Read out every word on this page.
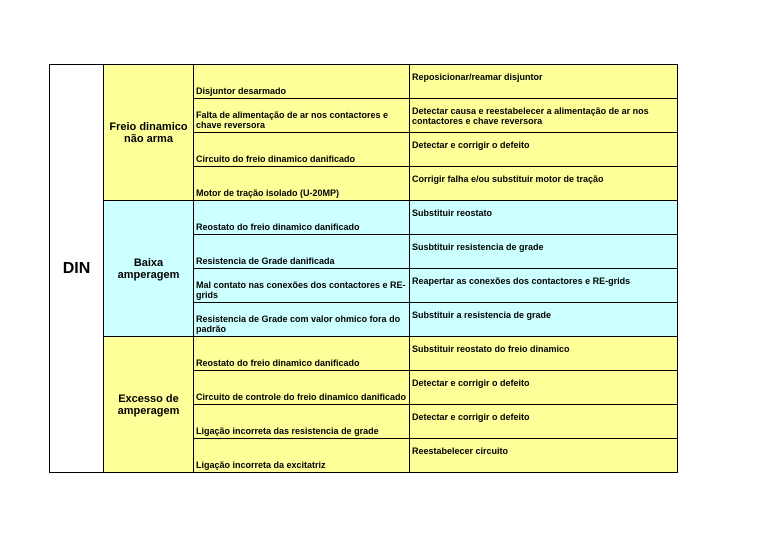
DIN	Freio dinamico não arma	Disjuntor desarmado	Reposicionar/reamar disjuntor
		Falta de alimentação de ar nos contactores e chave reversora	Detectar causa e reestabelecer a alimentação de ar nos contactores e chave reversora
		Circuito do freio dinamico danificado	Detectar e corrigir o defeito
		Motor de tração isolado (U-20MP)	Corrigir falha e/ou substituir motor de tração
	Baixa amperagem	Reostato do freio dinamico danificado	Substituir reostato
		Resistencia de Grade danificada	Susbtituir resistencia de grade
		Mal contato nas conexões dos contactores e RE-grids	Reapertar as conexões dos contactores e RE-grids
		Resistencia de Grade com valor ohmico fora do padrão	Substituir a resistencia de grade
	Excesso de amperagem	Reostato do freio dinamico danificado	Substituir reostato do freio dinamico
		Circuito de controle do freio dinamico danificado	Detectar e corrigir o defeito
		Ligação incorreta das resistencia de grade	Detectar e corrigir o defeito
		Ligação incorreta da excitatriz	Reestabelecer circuito
